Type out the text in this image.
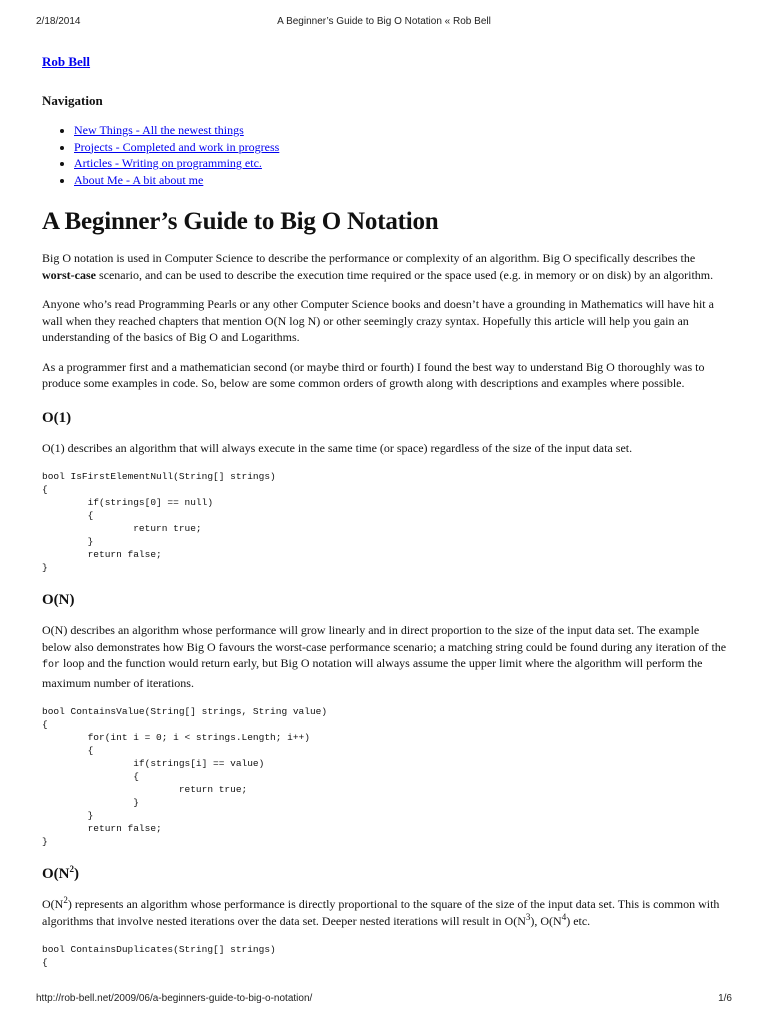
2/18/2014	A Beginner’s Guide to Big O Notation « Rob Bell
Rob Bell
Navigation
• New Things - All the newest things
• Projects - Completed and work in progress
• Articles - Writing on programming etc.
• About Me - A bit about me
A Beginner’s Guide to Big O Notation

Big O notation is used in Computer Science to describe the performance or complexity of an algorithm. Big O specifically describes the worst-case scenario, and can be used to describe the execution time required or the space used (e.g. in memory or on disk) by an algorithm.

Anyone who’s read Programming Pearls or any other Computer Science books and doesn’t have a grounding in Mathematics will have hit a wall when they reached chapters that mention O(N log N) or other seemingly crazy syntax. Hopefully this article will help you gain an understanding of the basics of Big O and Logarithms.

As a programmer first and a mathematician second (or maybe third or fourth) I found the best way to understand Big O thoroughly was to produce some examples in code. So, below are some common orders of growth along with descriptions and examples where possible.

O(1)

O(1) describes an algorithm that will always execute in the same time (or space) regardless of the size of the input data set.

bool IsFirstElementNull(String[] strings)
{
if(strings[0] == null)
{
return true;
}
return false;
}
O(N)

O(N) describes an algorithm whose performance will grow linearly and in direct proportion to the size of the input data set. The example below also demonstrates how Big O favours the worst-case performance scenario; a matching string could be found during any iteration of the for loop and the function would return early, but Big O notation will always assume the upper limit where the algorithm will perform the maximum number of iterations.

bool ContainsValue(String[] strings, String value)
{
for(int i = 0; i < strings.Length; i++)
{
if(strings[i] == value)
{
return true;
}
}
return false;
}
$O(N^2)$

$O(N^2)$ represents an algorithm whose performance is directly proportional to the square of the size of the input data set. This is common with algorithms that involve nested iterations over the data set. Deeper nested iterations will result in $O(N^3)$, $O(N^4)$ etc.

bool ContainsDuplicates(String[] strings)
{
http://rob-bell.net/2009/06/a-beginners-guide-to-big-o-notation/	1/6
